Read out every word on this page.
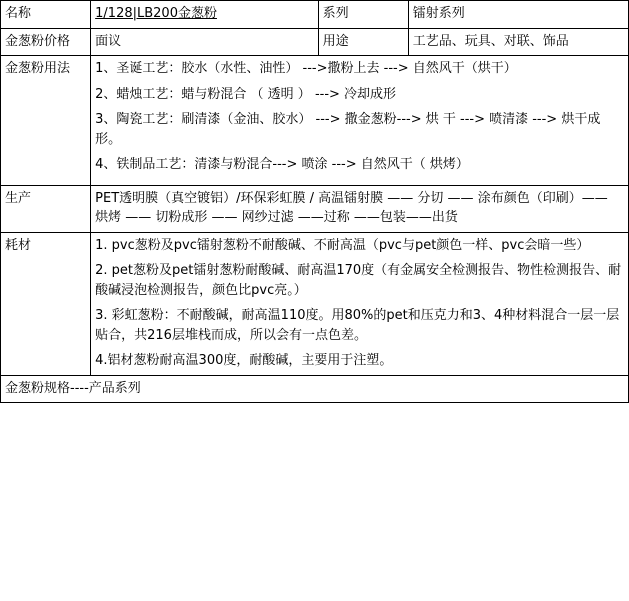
名称	1/128|LB200金葱粉	系列	镭射系列
金葱粉价格	面议	用途	工艺品、玩具、对联、饰品
金葱粉用法	1、圣诞工艺：胶水（水性、油性） --->撒粉上去 ---> 自然风干（烘干）

2、蜡烛工艺：蜡与粉混合 （ 透明 ） ---> 冷却成形

3、陶瓷工艺：刷清漆（金油、胶水） ---> 撒金葱粉---> 烘 干 ---> 喷清漆 ---> 烘干成形。

4、铁制品工艺：清漆与粉混合---> 喷涂 ---> 自然风干（ 烘烤）		

生产	PET透明膜（真空镀铝）/环保彩虹膜 / 高温镭射膜 —— 分切 —— 涂布颜色（印刷）—— 烘烤 —— 切粉成形 —— 网纱过滤 ——过称 ——包装——出货		
耗材	1. pvc葱粉及pvc镭射葱粉不耐酸碱、不耐高温（pvc与pet颜色一样、pvc会暗一些）

2. pet葱粉及pet镭射葱粉耐酸碱、耐高温170度（有金属安全检测报告、物性检测报告、耐酸碱浸泡检测报告，颜色比pvc亮。）

3. 彩虹葱粉：不耐酸碱，耐高温110度。用80%的pet和压克力和3、4种材料混合一层一层贴合，共216层堆栈而成，所以会有一点色差。

4.铝材葱粉耐高温300度，耐酸碱，主要用于注塑。		

金葱粉规格----产品系列			
